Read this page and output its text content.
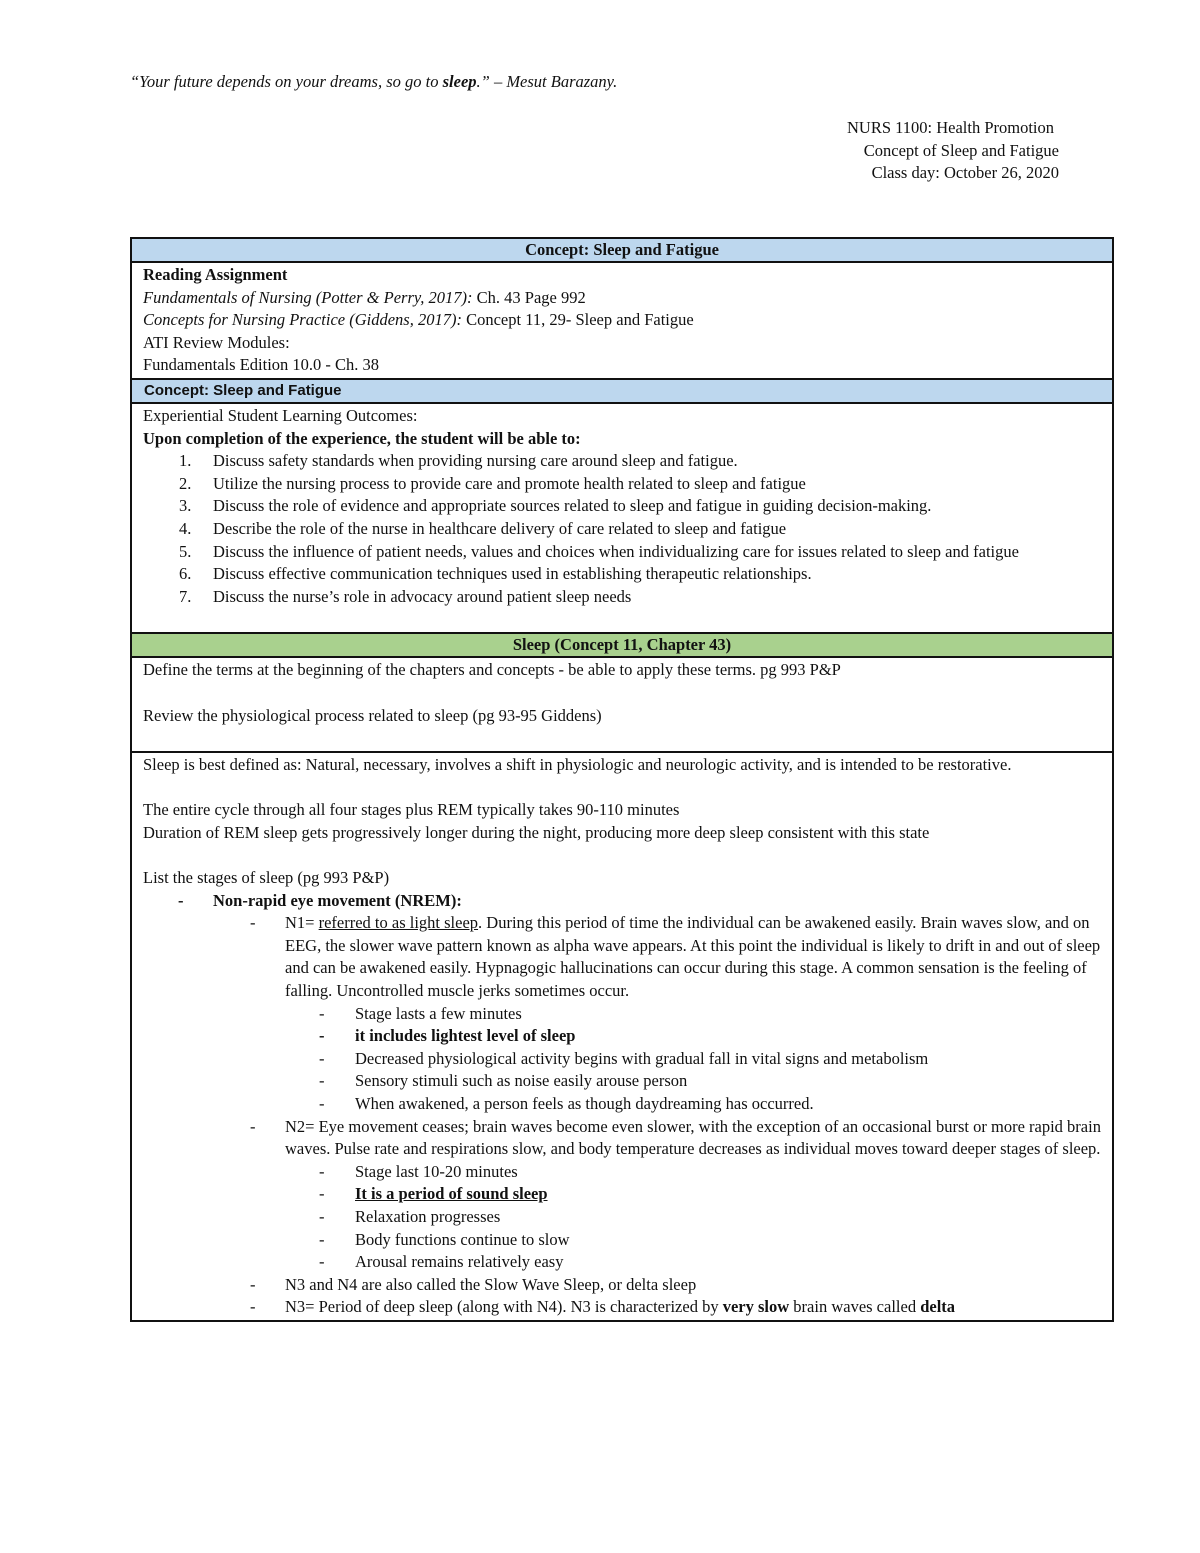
“Your future depends on your dreams, so go to sleep.” – Mesut Barazany.
NURS 1100: Health Promotion
Concept of Sleep and Fatigue
Class day: October 26, 2020
Concept: Sleep and Fatigue

Reading Assignment
Fundamentals of Nursing (Potter & Perry, 2017): Ch. 43 Page 992
Concepts for Nursing Practice (Giddens, 2017): Concept 11, 29- Sleep and Fatigue
ATI Review Modules:
Fundamentals Edition 10.0 - Ch. 38

Concept: Sleep and Fatigue

Experiential Student Learning Outcomes:
Upon completion of the experience, the student will be able to:
1. Discuss safety standards when providing nursing care around sleep and fatigue.
2. Utilize the nursing process to provide care and promote health related to sleep and fatigue
3. Discuss the role of evidence and appropriate sources related to sleep and fatigue in guiding decision-making.
4. Describe the role of the nurse in healthcare delivery of care related to sleep and fatigue
5. Discuss the influence of patient needs, values and choices when individualizing care for issues related to sleep and fatigue
6. Discuss effective communication techniques used in establishing therapeutic relationships.
7. Discuss the nurse’s role in advocacy around patient sleep needs

Sleep (Concept 11, Chapter 43)

Define the terms at the beginning of the chapters and concepts - be able to apply these terms. pg 993 P&P
Review the physiological process related to sleep (pg 93-95 Giddens)

Sleep is best defined as: Natural, necessary, involves a shift in physiologic and neurologic activity, and is intended to be restorative.
The entire cycle through all four stages plus REM typically takes 90-110 minutes
Duration of REM sleep gets progressively longer during the night, producing more deep sleep consistent with this state
List the stages of sleep (pg 993 P&P)
- Non-rapid eye movement (NREM):
- N1= referred to as light sleep. During this period of time the individual can be awakened easily. Brain waves slow, and on EEG, the slower wave pattern known as alpha wave appears. At this point the individual is likely to drift in and out of sleep and can be awakened easily. Hypnagogic hallucinations can occur during this stage. A common sensation is the feeling of falling. Uncontrolled muscle jerks sometimes occur.
- Stage lasts a few minutes
- it includes lightest level of sleep
- Decreased physiological activity begins with gradual fall in vital signs and metabolism
- Sensory stimuli such as noise easily arouse person
- When awakened, a person feels as though daydreaming has occurred.
- N2= Eye movement ceases; brain waves become even slower, with the exception of an occasional burst or more rapid brain waves. Pulse rate and respirations slow, and body temperature decreases as individual moves toward deeper stages of sleep.
- Stage last 10-20 minutes
- It is a period of sound sleep
- Relaxation progresses
- Body functions continue to slow
- Arousal remains relatively easy
- N3 and N4 are also called the Slow Wave Sleep, or delta sleep
- N3= Period of deep sleep (along with N4). N3 is characterized by very slow brain waves called delta
